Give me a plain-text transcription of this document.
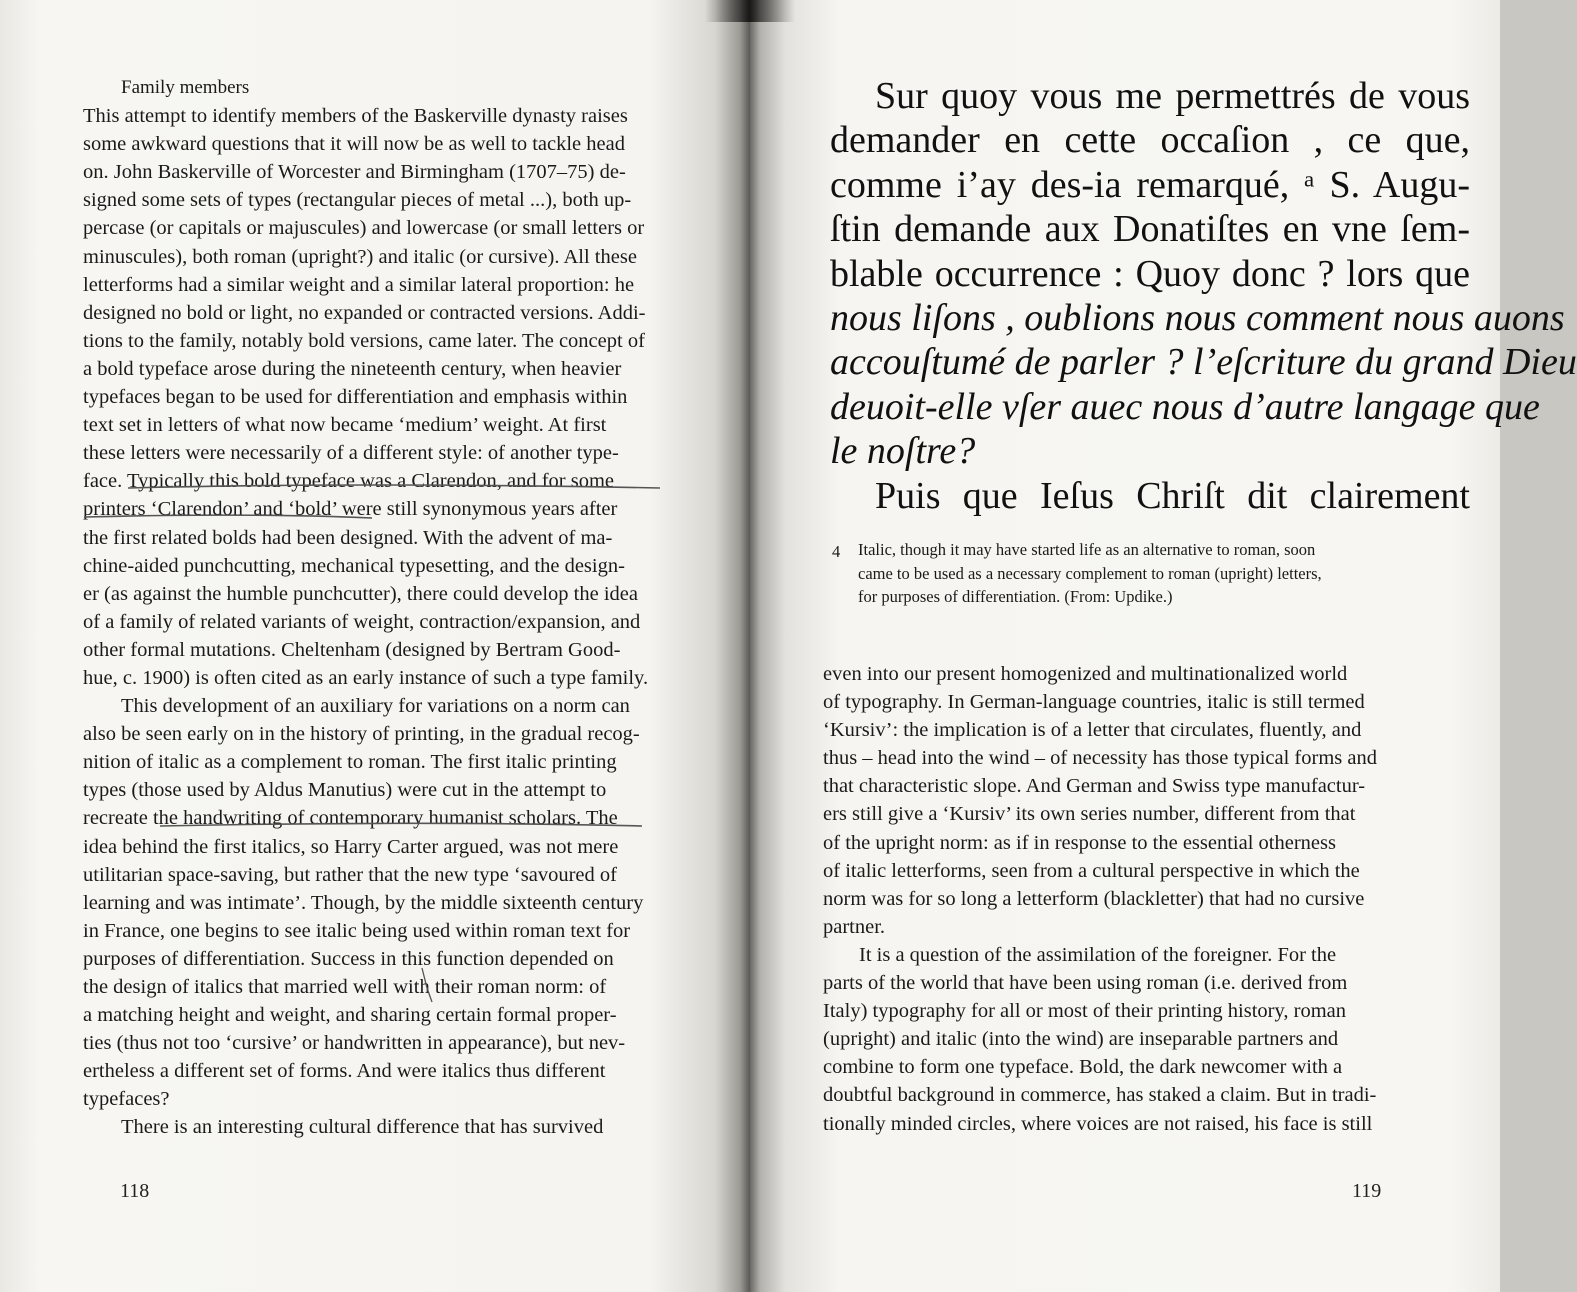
Family members
This attempt to identify members of the Baskerville dynasty raises
some awkward questions that it will now be as well to tackle head
on. John Baskerville of Worcester and Birmingham (1707–75) de-
signed some sets of types (rectangular pieces of metal ...), both up-
percase (or capitals or majuscules) and lowercase (or small letters or
minuscules), both roman (upright?) and italic (or cursive). All these
letterforms had a similar weight and a similar lateral proportion: he
designed no bold or light, no expanded or contracted versions. Addi-
tions to the family, notably bold versions, came later. The concept of
a bold typeface arose during the nineteenth century, when heavier
typefaces began to be used for differentiation and emphasis within
text set in letters of what now became ‘medium’ weight. At first
these letters were necessarily of a different style: of another type-
face. Typically this bold typeface was a Clarendon, and for some
printers ‘Clarendon’ and ‘bold’ were still synonymous years after
the first related bolds had been designed. With the advent of ma-
chine-aided punchcutting, mechanical typesetting, and the design-
er (as against the humble punchcutter), there could develop the idea
of a family of related variants of weight, contraction/expansion, and
other formal mutations. Cheltenham (designed by Bertram Good-
hue, c. 1900) is often cited as an early instance of such a type family.
This development of an auxiliary for variations on a norm can
also be seen early on in the history of printing, in the gradual recog-
nition of italic as a complement to roman. The first italic printing
types (those used by Aldus Manutius) were cut in the attempt to
recreate the handwriting of contemporary humanist scholars. The
idea behind the first italics, so Harry Carter argued, was not mere
utilitarian space-saving, but rather that the new type ‘savoured of
learning and was intimate’. Though, by the middle sixteenth century
in France, one begins to see italic being used within roman text for
purposes of differentiation. Success in this function depended on
the design of italics that married well with their roman norm: of
a matching height and weight, and sharing certain formal proper-
ties (thus not too ‘cursive’ or handwritten in appearance), but nev-
ertheless a different set of forms. And were italics thus different
typefaces?
There is an interesting cultural difference that has survived
118
Sur quoy vous me permettrés de vous
demander en cette occaſion , ce que,
comme i’ay des-ia remarqué, ᵃ S. Augu-
ſtin demande aux Donatiſtes en vne ſem-
blable occurrence : Quoy donc ? lors que
nous liſons , oublions nous comment nous auons
accouſtumé de parler ? l’eſcriture du grand Dieu
deuoit-elle vſer auec nous d’autre langage que
le noſtre?
Puis que Ieſus Chriſt dit clairement
4 Italic, though it may have started life as an alternative to roman, soon
came to be used as a necessary complement to roman (upright) letters,
for purposes of differentiation. (From: Updike.)
even into our present homogenized and multinationalized world
of typography. In German-language countries, italic is still termed
‘Kursiv’: the implication is of a letter that circulates, fluently, and
thus – head into the wind – of necessity has those typical forms and
that characteristic slope. And German and Swiss type manufactur-
ers still give a ‘Kursiv’ its own series number, different from that
of the upright norm: as if in response to the essential otherness
of italic letterforms, seen from a cultural perspective in which the
norm was for so long a letterform (blackletter) that had no cursive
partner.
It is a question of the assimilation of the foreigner. For the
parts of the world that have been using roman (i.e. derived from
Italy) typography for all or most of their printing history, roman
(upright) and italic (into the wind) are inseparable partners and
combine to form one typeface. Bold, the dark newcomer with a
doubtful background in commerce, has staked a claim. But in tradi-
tionally minded circles, where voices are not raised, his face is still
119
